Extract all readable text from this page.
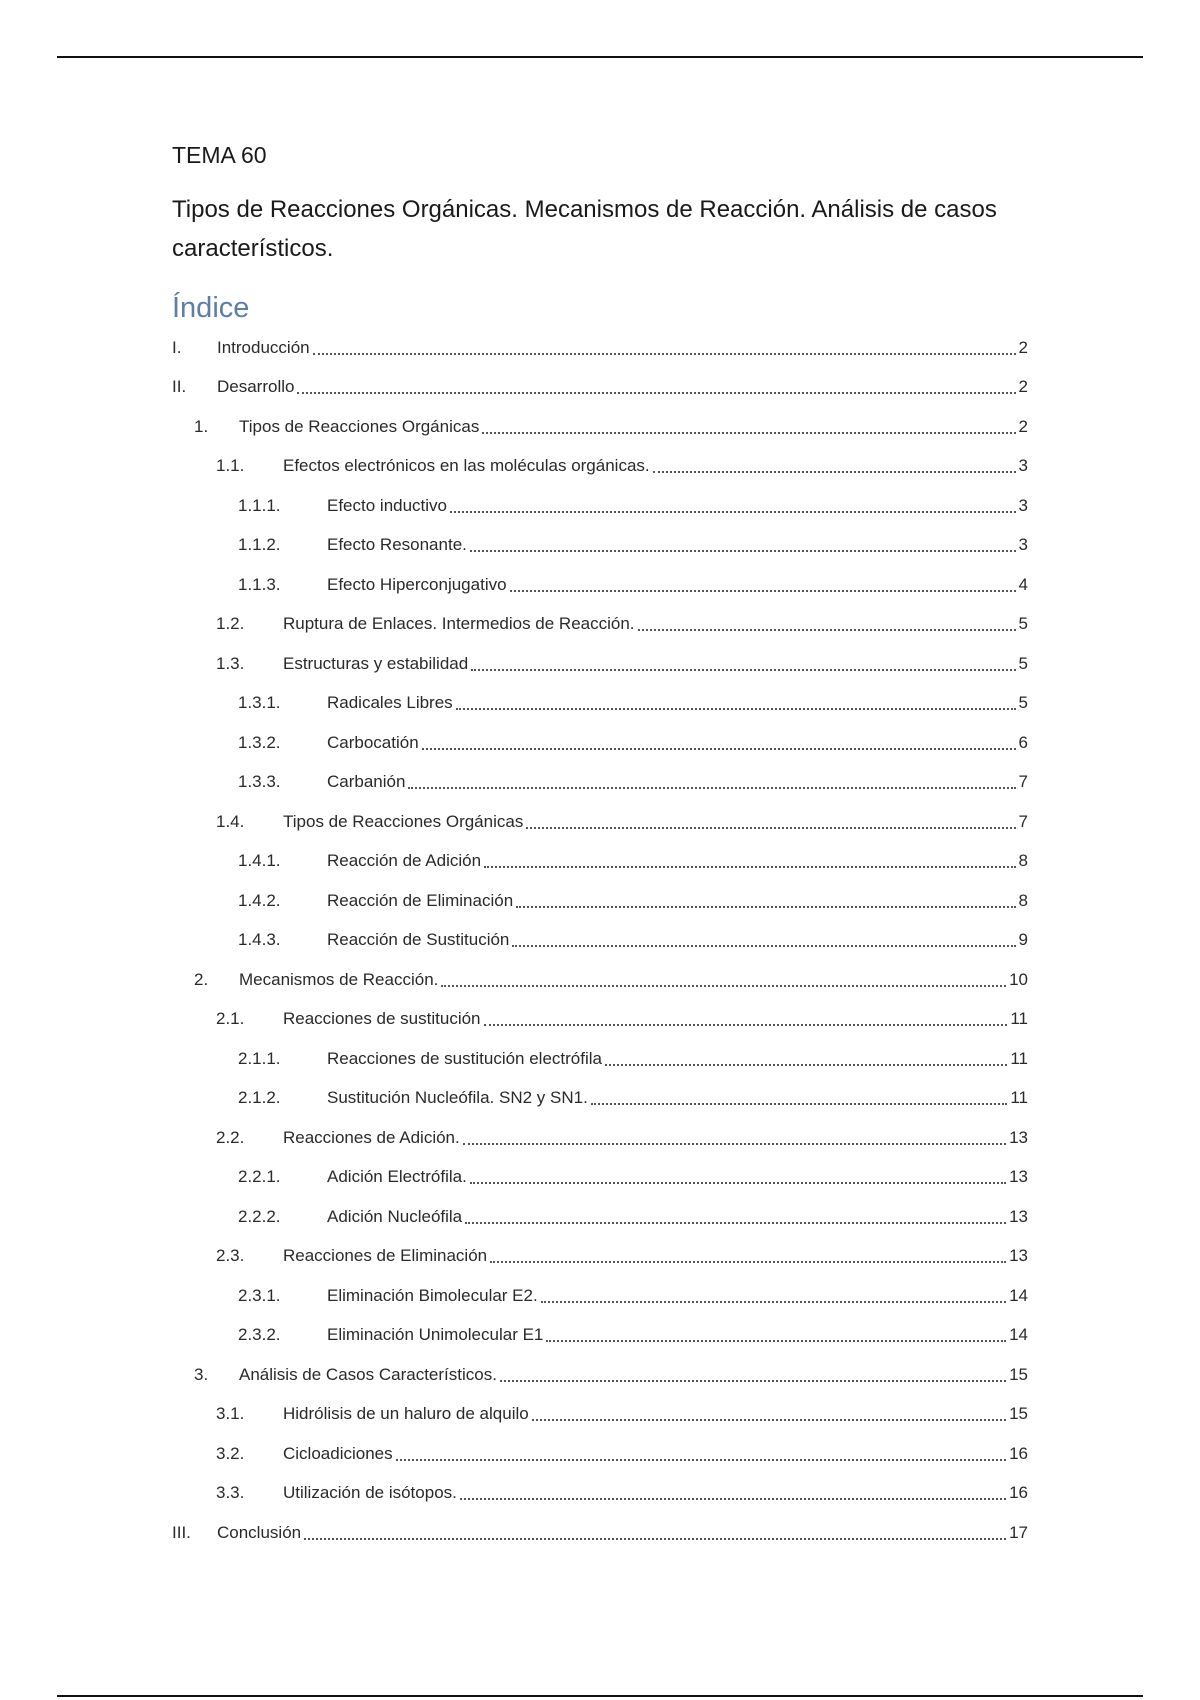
TEMA 60
Tipos de Reacciones Orgánicas. Mecanismos de Reacción. Análisis de casos característicos.
Índice
I.	Introducción	2
II.	Desarrollo	2
1.	Tipos de Reacciones Orgánicas	2
1.1.	Efectos electrónicos en las moléculas orgánicas.	3
1.1.1.	Efecto inductivo	3
1.1.2.	Efecto Resonante.	3
1.1.3.	Efecto Hiperconjugativo	4
1.2.	Ruptura de Enlaces. Intermedios de Reacción.	5
1.3.	Estructuras y estabilidad	5
1.3.1.	Radicales Libres	5
1.3.2.	Carbocatión	6
1.3.3.	Carbanión	7
1.4.	Tipos de Reacciones Orgánicas	7
1.4.1.	Reacción de Adición	8
1.4.2.	Reacción de Eliminación	8
1.4.3.	Reacción de Sustitución	9
2.	Mecanismos de Reacción.	10
2.1.	Reacciones de sustitución	11
2.1.1.	Reacciones de sustitución electrófila	11
2.1.2.	Sustitución Nucleófila. SN2 y SN1.	11
2.2.	Reacciones de Adición.	13
2.2.1.	Adición Electrófila.	13
2.2.2.	Adición Nucleófila	13
2.3.	Reacciones de Eliminación	13
2.3.1.	Eliminación Bimolecular E2.	14
2.3.2.	Eliminación Unimolecular E1	14
3.	Análisis de Casos Característicos.	15
3.1.	Hidrólisis de un haluro de alquilo	15
3.2.	Cicloadiciones	16
3.3.	Utilización de isótopos.	16
III.	Conclusión	17
